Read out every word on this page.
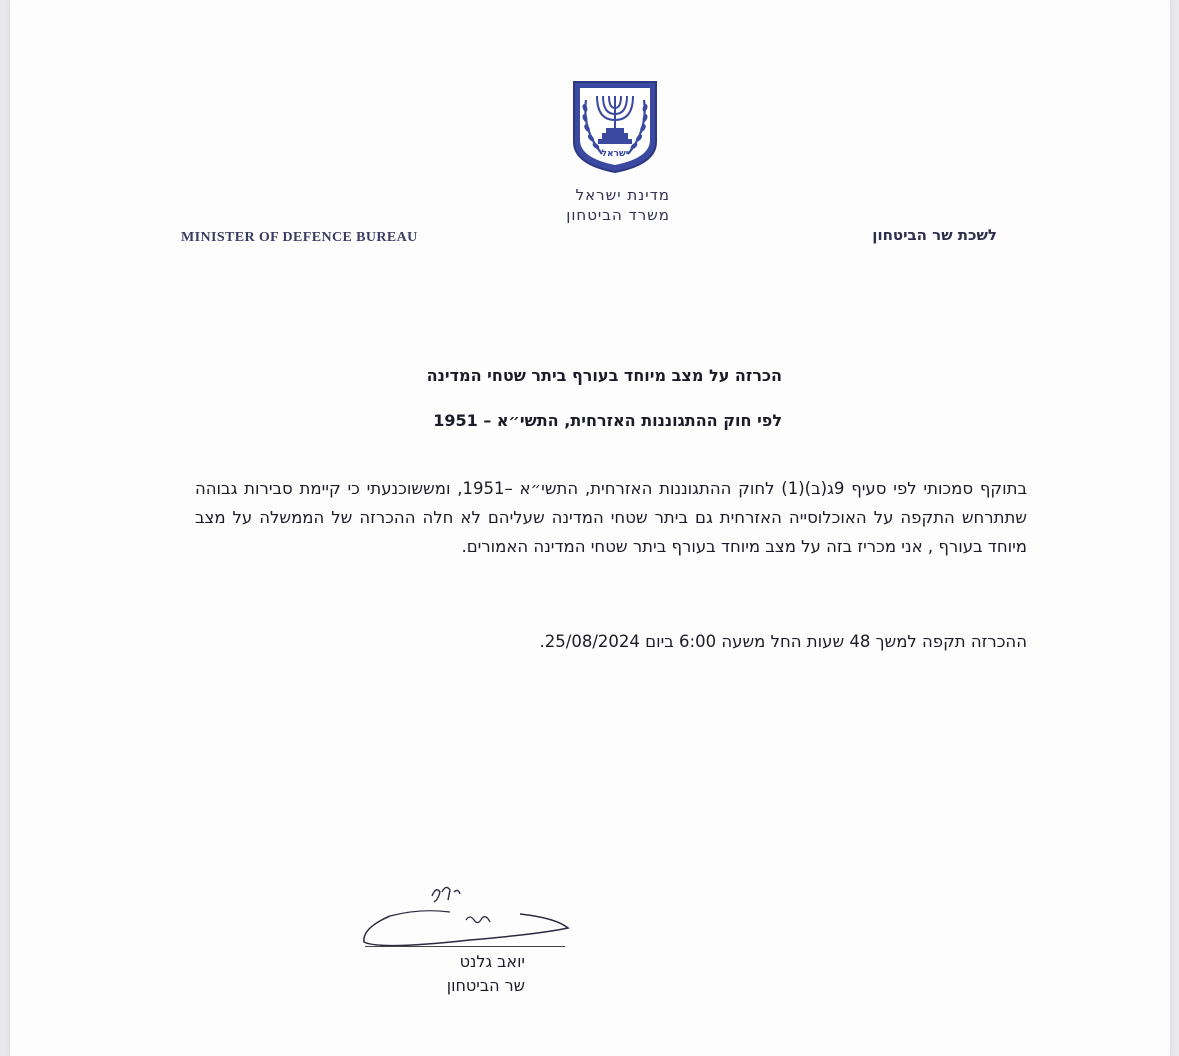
ישראל
מדינת ישראל
משרד הביטחון
MINISTER OF DEFENCE BUREAU	לשכת שר הביטחון
הכרזה על מצב מיוחד בעורף ביתר שטחי המדינה
לפי חוק ההתגוננות האזרחית, התשי״א – 1951
בתוקף סמכותי לפי סעיף 9ג(ב)(1) לחוק ההתגוננות האזרחית, התשי״א –1951, ומששוכנעתי כי קיימת סבירות גבוהה שתתרחש התקפה על האוכלוסייה האזרחית גם ביתר שטחי המדינה שעליהם לא חלה ההכרזה של הממשלה על מצב מיוחד בעורף , אני מכריז בזה על מצב מיוחד בעורף ביתר שטחי המדינה האמורים.
ההכרזה תקפה למשך 48 שעות החל משעה 6:00 ביום 25/08/2024.
יואב גלנט
שר הביטחון
